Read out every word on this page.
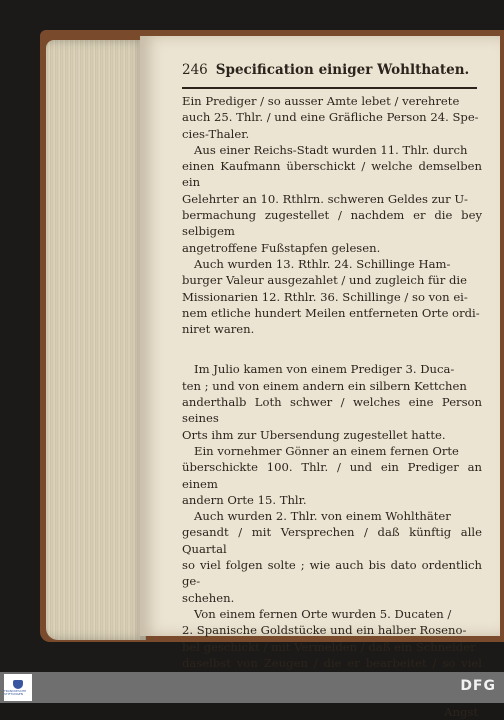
246 Specification einiger Wohlthaten.

Ein Prediger / so ausser Amte lebet / verehrete
auch 25. Thlr. / und eine Gräfliche Person 24. Spe-
cies-Thaler.

Aus einer Reichs-Stadt wurden 11. Thlr. durch
einen Kaufmann überschickt / welche demselben ein
Gelehrter an 10. Rthlrn. schweren Geldes zur U-
bermachung zugestellet / nachdem er die bey selbigem
angetroffene Fußstapfen gelesen.

Auch wurden 13. Rthlr. 24. Schillinge Ham-
burger Valeur ausgezahlet / und zugleich für die
Missionarien 12. Rthlr. 36. Schillinge / so von ei-
nem etliche hundert Meilen entferneten Orte ordi-
niret waren.

Im Julio kamen von einem Prediger 3. Duca-
ten ; und von einem andern ein silbern Kettchen
anderthalb Loth schwer / welches eine Person seines
Orts ihm zur Ubersendung zugestellet hatte.

Ein vornehmer Gönner an einem fernen Orte
überschickte 100. Thlr. / und ein Prediger an einem
andern Orte 15. Thlr.

Auch wurden 2. Thlr. von einem Wohlthäter
gesandt / mit Versprechen / daß künftig alle Quartal
so viel folgen solte ; wie auch bis dato ordentlich ge-
schehen.

Von einem fernen Orte wurden 5. Ducaten /
2. Spanische Goldstücke und ein halber Roseno-
bel geschickt / mit Vermelden / daß ein Schneider
daselbst von Zeugen / die er bearbeitet / so viel

Angst
FRANCKESCHE STIFTUNGEN	DFG
